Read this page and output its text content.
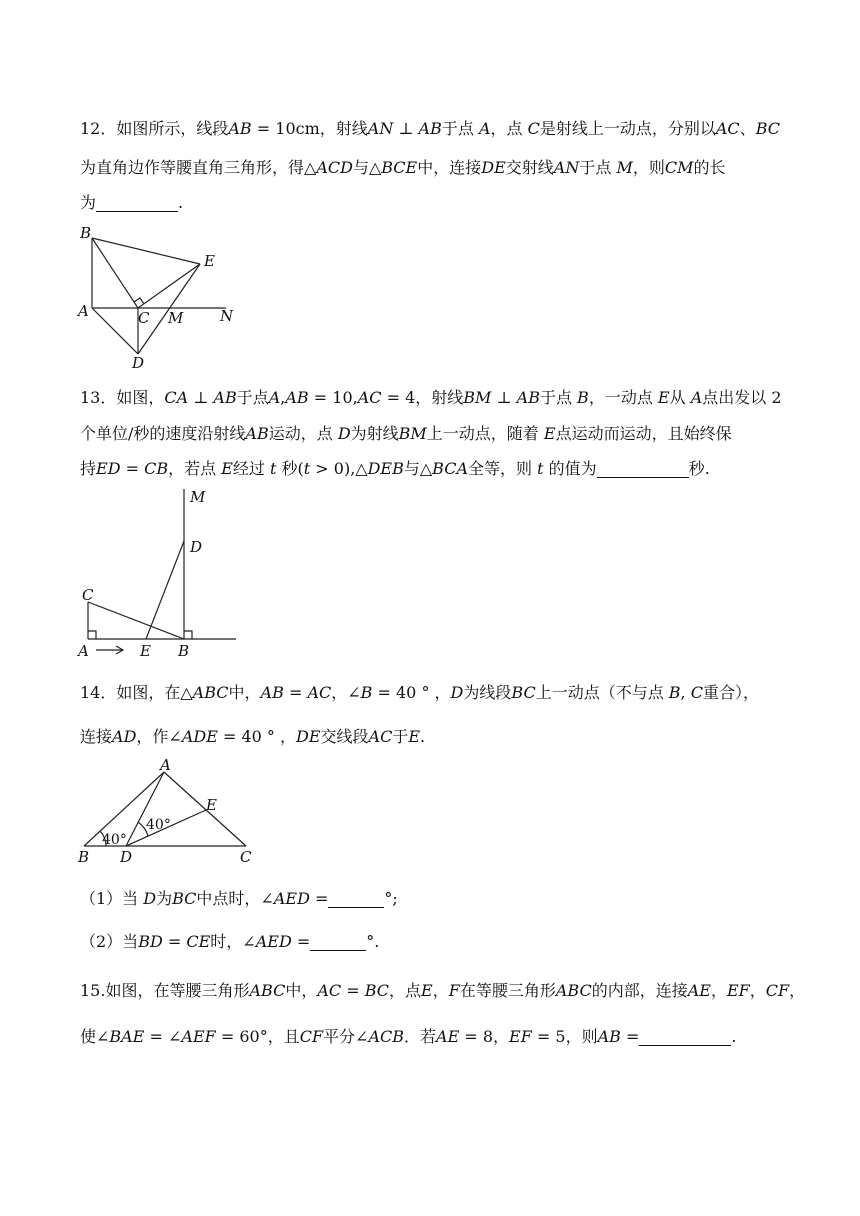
12．如图所示，线段AB = 10cm，射线AN ⊥ AB于点 A，点 C是射线上一动点，分别以AC、BC
为直角边作等腰直角三角形，得△ACD与△BCE中，连接DE交射线AN于点 M，则CM的长
为	.
B
E
A	C M N
D
13．如图，CA ⊥ AB于点A,AB = 10,AC = 4，射线BM ⊥ AB于点 B，一动点 E从 A点出发以 2
个单位/秒的速度沿射线AB运动，点 D为射线BM上一动点，随着 E点运动而运动，且始终保
持ED = CB，若点 E经过 t 秒(t > 0),△DEB与△BCA全等，则 t 的值为	秒.
M
D
C
A	E B
14．如图，在△ABC中，AB = AC，∠B = 40 ° ，D为线段BC上一动点（不与点 B, C重合），
连接AD，作∠ADE = 40 ° ，DE交线段AC于E.
A
E
B D	C
40°
40°
（1）当 D为BC中点时，∠AED =	°;
（2）当BD = CE时，∠AED =	°.
15.如图，在等腰三角形ABC中，AC = BC，点E，F在等腰三角形ABC的内部，连接AE，EF，CF，
使∠BAE = ∠AEF = 60°，且CF平分∠ACB．若AE = 8，EF = 5，则AB =	.
